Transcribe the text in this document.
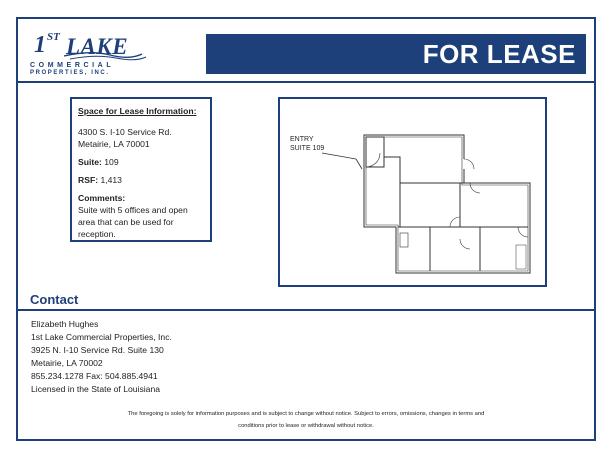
1 ST LAKE
COMMERCIAL
PROPERTIES, INC.
FOR LEASE
Space for Lease Information:
4300 S. I-10 Service Rd.
Metairie, LA 70001
Suite: 109
RSF: 1,413
Comments:
Suite with 5 offices and open area that can be used for reception.
ENTRY
SUITE 109
Contact
Elizabeth Hughes
1st Lake Commercial Properties, Inc.
3925 N. I-10 Service Rd. Suite 130
Metairie, LA 70002
855.234.1278 Fax: 504.885.4941
Licensed in the State of Louisiana
The foregoing is solely for information purposes and is subject to change without notice. Subject to errors, omissions, changes in terms and
conditions prior to lease or withdrawal without notice.
